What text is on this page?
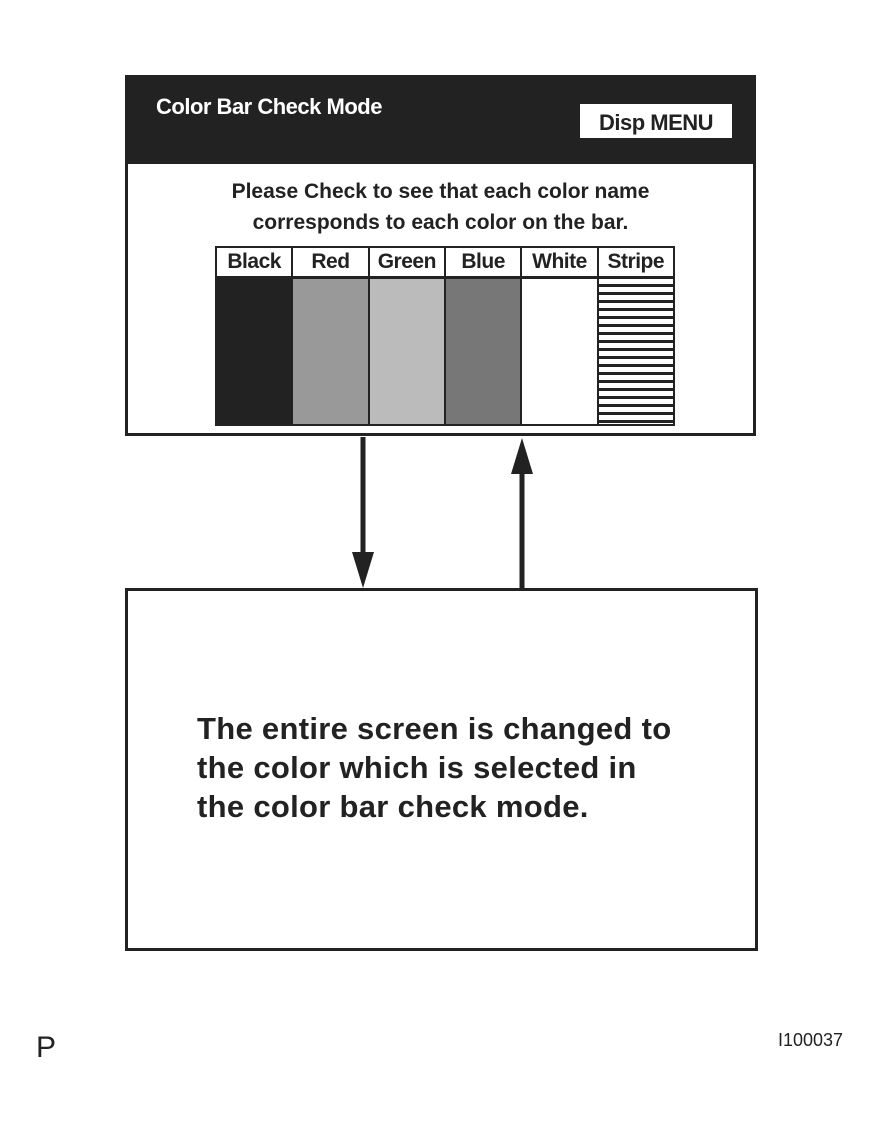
Color Bar Check Mode
Disp MENU
Please Check to see that each color name
corresponds to each color on the bar.
Black	Red	Green	Blue	White Stripe
The entire screen is changed to
the color which is selected in
the color bar check mode.
P	I100037
